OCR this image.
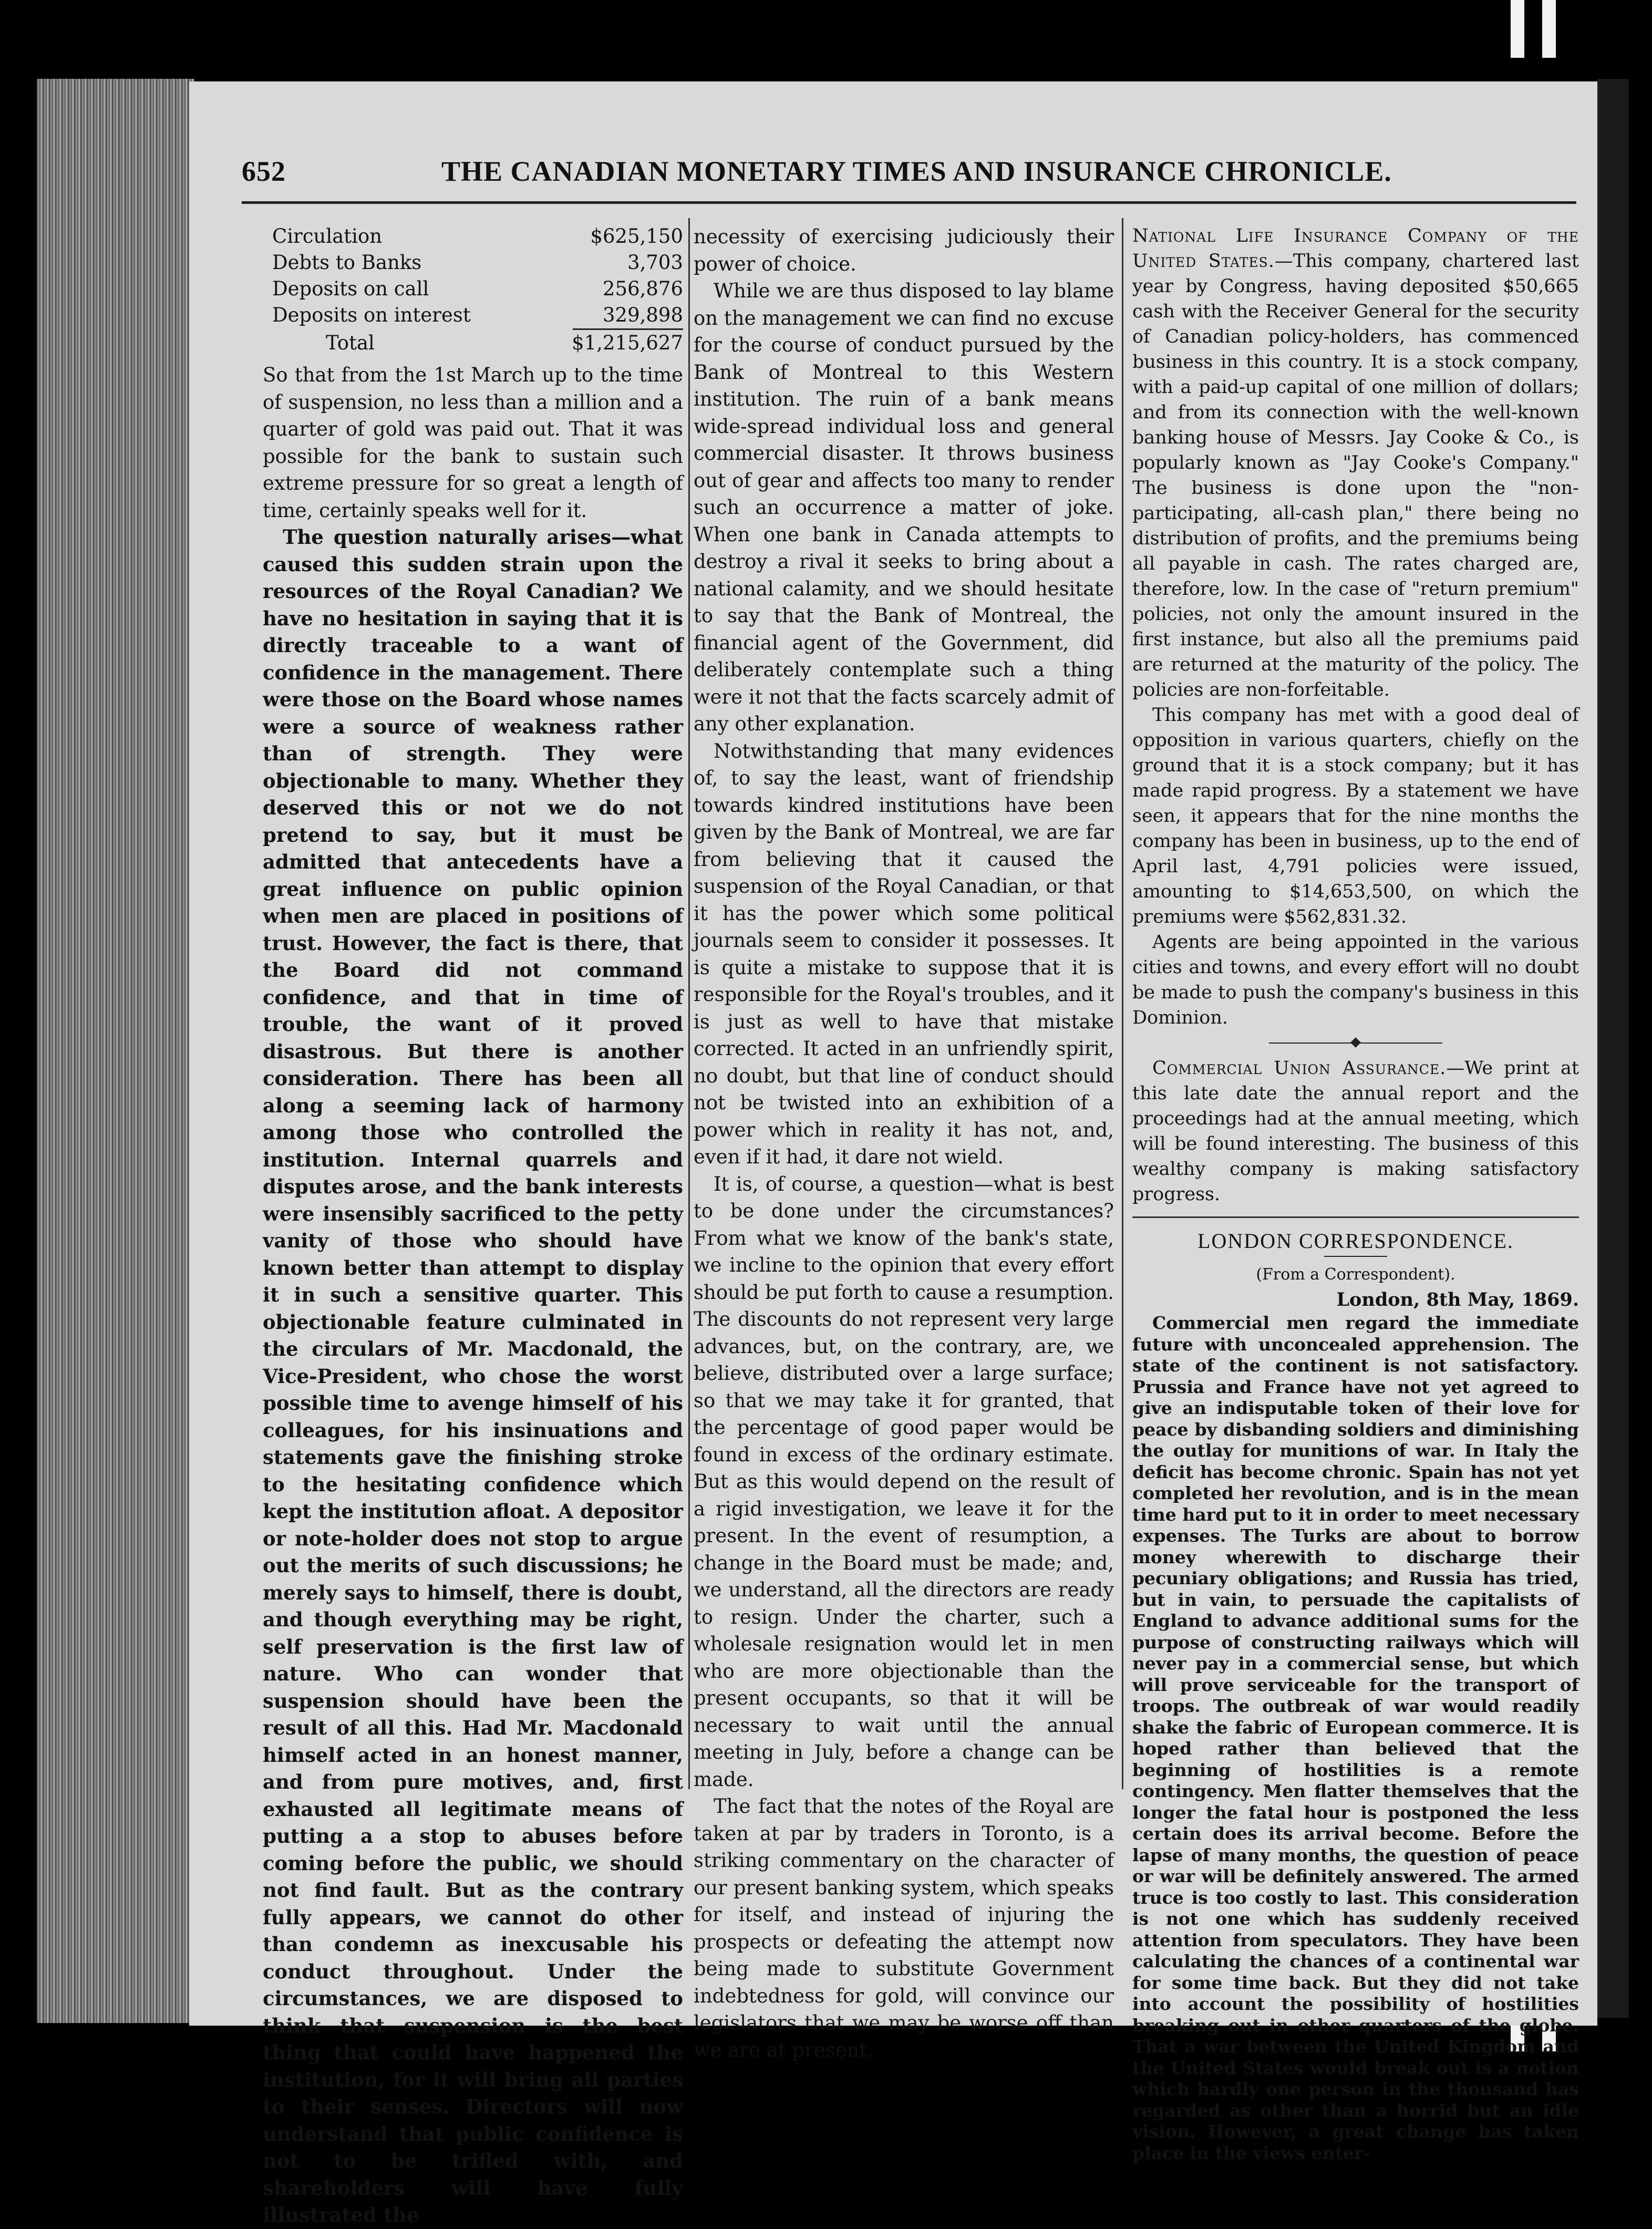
652	THE CANADIAN MONETARY TIMES AND INSURANCE CHRONICLE.
Circulation	$625,150
Debts to Banks	3,703
Deposits on call	256,876
Deposits on interest	329,898

Total	$1,215,627

So that from the 1st March up to the time of suspension, no less than a million and a quarter of gold was paid out. That it was possible for the bank to sustain such extreme pressure for so great a length of time, certainly speaks well for it.

The question naturally arises—what caused this sudden strain upon the resources of the Royal Canadian? We have no hesitation in saying that it is directly traceable to a want of confidence in the management. There were those on the Board whose names were a source of weakness rather than of strength. They were objectionable to many. Whether they deserved this or not we do not pretend to say, but it must be admitted that antecedents have a great influence on public opinion when men are placed in positions of trust. However, the fact is there, that the Board did not command confidence, and that in time of trouble, the want of it proved disastrous. But there is another consideration. There has been all along a seeming lack of harmony among those who controlled the institution. Internal quarrels and disputes arose, and the bank interests were insensibly sacrificed to the petty vanity of those who should have known better than attempt to display it in such a sensitive quarter. This objectionable feature culminated in the circulars of Mr. Macdonald, the Vice-President, who chose the worst possible time to avenge himself of his colleagues, for his insinuations and statements gave the finishing stroke to the hesitating confidence which kept the institution afloat. A depositor or note-holder does not stop to argue out the merits of such discussions; he merely says to himself, there is doubt, and though everything may be right, self preservation is the first law of nature. Who can wonder that suspension should have been the result of all this. Had Mr. Macdonald himself acted in an honest manner, and from pure motives, and, first exhausted all legitimate means of putting a a stop to abuses before coming before the public, we should not find fault. But as the contrary fully appears, we cannot do other than condemn as inexcusable his conduct throughout. Under the circumstances, we are disposed to think that suspension is the best thing that could have happened the institution, for it will bring all parties to their senses. Directors will now understand that public confidence is not to be trifled with, and shareholders will have fully illustrated the

necessity of exercising judiciously their power of choice.

While we are thus disposed to lay blame on the management we can find no excuse for the course of conduct pursued by the Bank of Montreal to this Western institution. The ruin of a bank means wide-spread individual loss and general commercial disaster. It throws business out of gear and affects too many to render such an occurrence a matter of joke. When one bank in Canada attempts to destroy a rival it seeks to bring about a national calamity, and we should hesitate to say that the Bank of Montreal, the financial agent of the Government, did deliberately contemplate such a thing were it not that the facts scarcely admit of any other explanation.

Notwithstanding that many evidences of, to say the least, want of friendship towards kindred institutions have been given by the Bank of Montreal, we are far from believing that it caused the suspension of the Royal Canadian, or that it has the power which some political journals seem to consider it possesses. It is quite a mistake to suppose that it is responsible for the Royal's troubles, and it is just as well to have that mistake corrected. It acted in an unfriendly spirit, no doubt, but that line of conduct should not be twisted into an exhibition of a power which in reality it has not, and, even if it had, it dare not wield.

It is, of course, a question—what is best to be done under the circumstances? From what we know of the bank's state, we incline to the opinion that every effort should be put forth to cause a resumption. The discounts do not represent very large advances, but, on the contrary, are, we believe, distributed over a large surface; so that we may take it for granted, that the percentage of good paper would be found in excess of the ordinary estimate. But as this would depend on the result of a rigid investigation, we leave it for the present. In the event of resumption, a change in the Board must be made; and, we understand, all the directors are ready to resign. Under the charter, such a wholesale resignation would let in men who are more objectionable than the present occupants, so that it will be necessary to wait until the annual meeting in July, before a change can be made.

The fact that the notes of the Royal are taken at par by traders in Toronto, is a striking commentary on the character of our present banking system, which speaks for itself, and instead of injuring the prospects or defeating the attempt now being made to substitute Government indebtedness for gold, will convince our legislators that we may be worse off than we are at present.

National Life Insurance Company of the United States.—This company, chartered last year by Congress, having deposited $50,665 cash with the Receiver General for the security of Canadian policy-holders, has commenced business in this country. It is a stock company, with a paid-up capital of one million of dollars; and from its connection with the well-known banking house of Messrs. Jay Cooke & Co., is popularly known as "Jay Cooke's Company." The business is done upon the "non-participating, all-cash plan," there being no distribution of profits, and the premiums being all payable in cash. The rates charged are, therefore, low. In the case of "return premium" policies, not only the amount insured in the first instance, but also all the premiums paid are returned at the maturity of the policy. The policies are non-forfeitable.

This company has met with a good deal of opposition in various quarters, chiefly on the ground that it is a stock company; but it has made rapid progress. By a statement we have seen, it appears that for the nine months the company has been in business, up to the end of April last, 4,791 policies were issued, amounting to $14,653,500, on which the premiums were $562,831.32.

Agents are being appointed in the various cities and towns, and every effort will no doubt be made to push the company's business in this Dominion.

Commercial Union Assurance.—We print at this late date the annual report and the proceedings had at the annual meeting, which will be found interesting. The business of this wealthy company is making satisfactory progress.

LONDON CORRESPONDENCE.
(From a Correspondent).
London, 8th May, 1869.

Commercial men regard the immediate future with unconcealed apprehension. The state of the continent is not satisfactory. Prussia and France have not yet agreed to give an indisputable token of their love for peace by disbanding soldiers and diminishing the outlay for munitions of war. In Italy the deficit has become chronic. Spain has not yet completed her revolution, and is in the mean time hard put to it in order to meet necessary expenses. The Turks are about to borrow money wherewith to discharge their pecuniary obligations; and Russia has tried, but in vain, to persuade the capitalists of England to advance additional sums for the purpose of constructing railways which will never pay in a commercial sense, but which will prove serviceable for the transport of troops. The outbreak of war would readily shake the fabric of European commerce. It is hoped rather than believed that the beginning of hostilities is a remote contingency. Men flatter themselves that the longer the fatal hour is postponed the less certain does its arrival become. Before the lapse of many months, the question of peace or war will be definitely answered. The armed truce is too costly to last. This consideration is not one which has suddenly received attention from speculators. They have been calculating the chances of a continental war for some time back. But they did not take into account the possibility of hostilities breaking out in other quarters of the globe. That a war between the United Kingdom and the United States would break out is a notion which hardly one person in the thousand has regarded as other than a horrid but an idle vision. However, a great change has taken place in the views enter-
